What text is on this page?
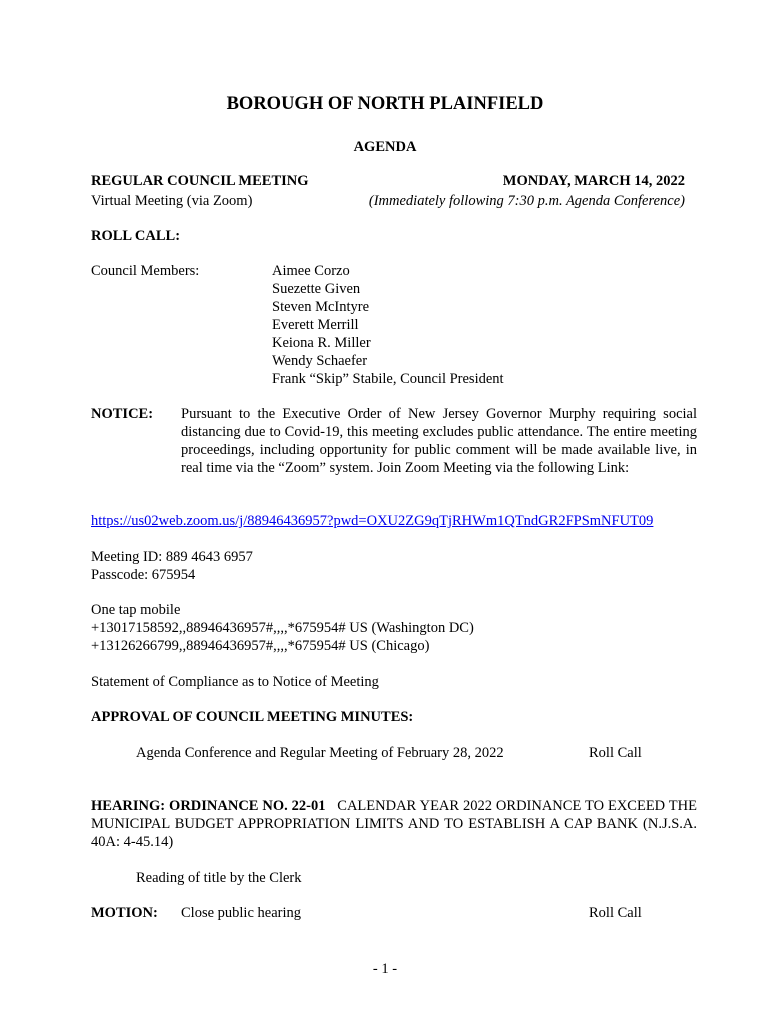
BOROUGH OF NORTH PLAINFIELD
AGENDA
REGULAR COUNCIL MEETING	MONDAY, MARCH 14, 2022
Virtual Meeting (via Zoom)	(Immediately following 7:30 p.m. Agenda Conference)
ROLL CALL:
Council Members:	Aimee Corzo
Suezette Given
Steven McIntyre
Everett Merrill
Keiona R. Miller
Wendy Schaefer
Frank “Skip” Stabile, Council President
NOTICE: Pursuant to the Executive Order of New Jersey Governor Murphy requiring social distancing due to Covid-19, this meeting excludes public attendance. The entire meeting proceedings, including opportunity for public comment will be made available live, in real time via the “Zoom” system. Join Zoom Meeting via the following Link:
https://us02web.zoom.us/j/88946436957?pwd=OXU2ZG9qTjRHWm1QTndGR2FPSmNFUT09
Meeting ID: 889 4643 6957
Passcode: 675954
One tap mobile
+13017158592,,88946436957#,,,,*675954# US (Washington DC)
+13126266799,,88946436957#,,,,*675954# US (Chicago)
Statement of Compliance as to Notice of Meeting
APPROVAL OF COUNCIL MEETING MINUTES:
Agenda Conference and Regular Meeting of February 28, 2022	Roll Call
HEARING: ORDINANCE NO. 22-01 CALENDAR YEAR 2022 ORDINANCE TO EXCEED THE MUNICIPAL BUDGET APPROPRIATION LIMITS AND TO ESTABLISH A CAP BANK (N.J.S.A. 40A: 4-45.14)
Reading of title by the Clerk
MOTION: Close public hearing	Roll Call
- 1 -
